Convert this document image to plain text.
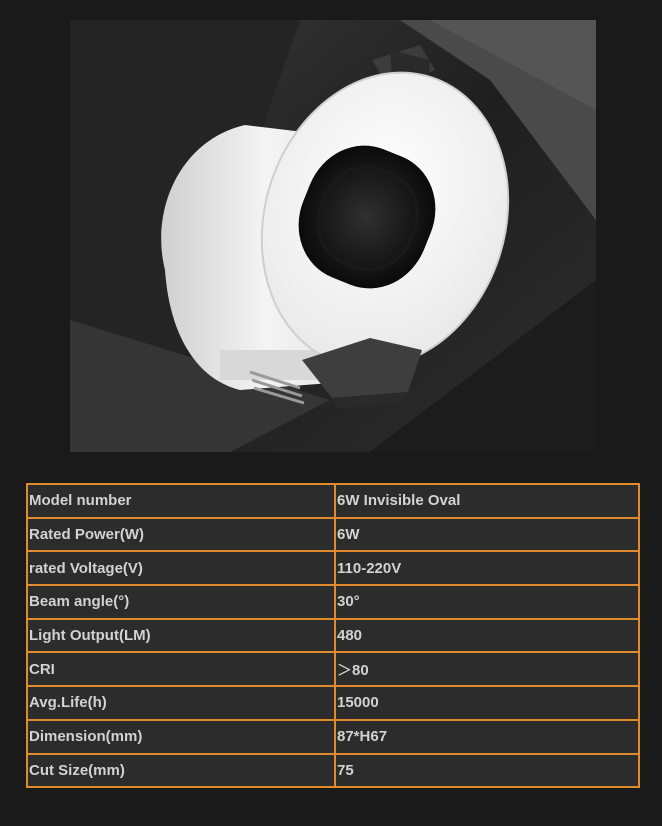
Model number	6W Invisible Oval
Rated Power(W)	6W
rated Voltage(V)	110-220V
Beam angle(°)	30°
Light Output(LM)	480
CRI	＞80
Avg.Life(h)	15000
Dimension(mm)	87*H67
Cut Size(mm)	75
